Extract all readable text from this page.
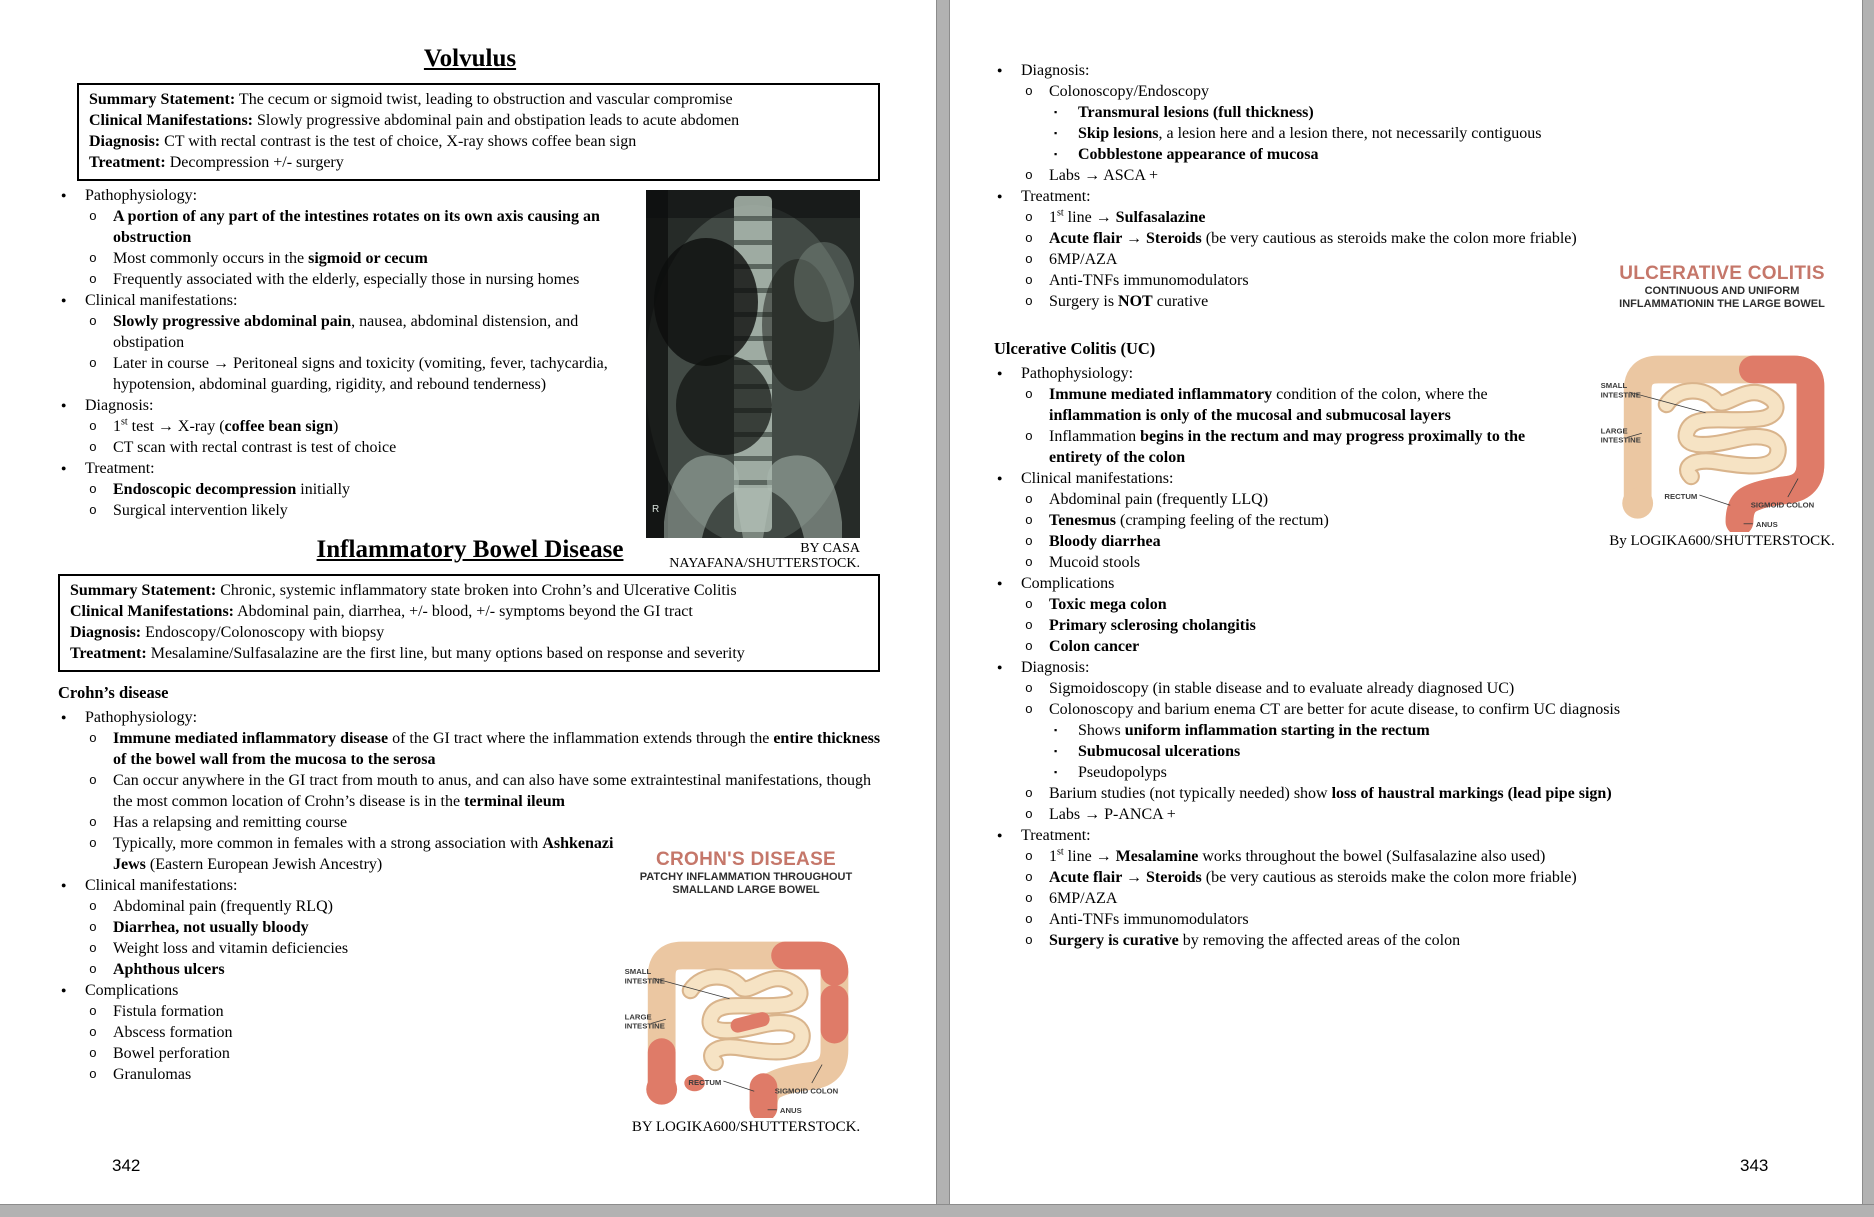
Volvulus
Summary Statement: The cecum or sigmoid twist, leading to obstruction and vascular compromise
Clinical Manifestations: Slowly progressive abdominal pain and obstipation leads to acute abdomen
Diagnosis: CT with rectal contrast is the test of choice, X-ray shows coffee bean sign
Treatment: Decompression +/- surgery
●	Pathophysiology:
o	A portion of any part of the intestines rotates on its own axis causing an obstruction
o	Most commonly occurs in the sigmoid or cecum
o	Frequently associated with the elderly, especially those in nursing homes
●	Clinical manifestations:
o	Slowly progressive abdominal pain, nausea, abdominal distension, and obstipation
o	Later in course → Peritoneal signs and toxicity (vomiting, fever, tachycardia, hypotension, abdominal guarding, rigidity, and rebound tenderness)
●	Diagnosis:
o	1st test → X-ray (coffee bean sign)
o	CT scan with rectal contrast is test of choice
●	Treatment:
o	Endoscopic decompression initially
o	Surgical intervention likely
Inflammatory Bowel Disease
Summary Statement: Chronic, systemic inflammatory state broken into Crohn’s and Ulcerative Colitis
Clinical Manifestations: Abdominal pain, diarrhea, +/- blood, +/- symptoms beyond the GI tract
Diagnosis: Endoscopy/Colonoscopy with biopsy
Treatment: Mesalamine/Sulfasalazine are the first line, but many options based on response and severity
Crohn’s disease
●	Pathophysiology:
o	Immune mediated inflammatory disease of the GI tract where the inflammation extends through the entire thickness of the bowel wall from the mucosa to the serosa
o	Can occur anywhere in the GI tract from mouth to anus, and can also have some extraintestinal manifestations, though the most common location of Crohn’s disease is in the terminal ileum
o	Has a relapsing and remitting course
o	Typically, more common in females with a strong association with Ashkenazi Jews (Eastern European Jewish Ancestry)
●	Clinical manifestations:
o	Abdominal pain (frequently RLQ)
o	Diarrhea, not usually bloody
o	Weight loss and vitamin deficiencies
o	Aphthous ulcers
●	Complications
o	Fistula formation
o	Abscess formation
o	Bowel perforation
o	Granulomas
R
BY CASA
NAYAFANA/SHUTTERSTOCK.
CROHN'S DISEASE
PATCHY INFLAMMATION THROUGHOUT
SMALLAND LARGE BOWEL
SMALL
INTESTINE
LARGE
INTESTINE
RECTUM
SIGMOID COLON
ANUS
BY LOGIKA600/SHUTTERSTOCK.
342
●	Diagnosis:
o	Colonoscopy/Endoscopy
▪	Transmural lesions (full thickness)
▪	Skip lesions, a lesion here and a lesion there, not necessarily contiguous
▪	Cobblestone appearance of mucosa
o	Labs → ASCA +
●	Treatment:
o	1st line → Sulfasalazine
o	Acute flair → Steroids (be very cautious as steroids make the colon more friable)
o	6MP/AZA
o	Anti-TNFs immunomodulators
o	Surgery is NOT curative
Ulcerative Colitis (UC)
●	Pathophysiology:
o	Immune mediated inflammatory condition of the colon, where the inflammation is only of the mucosal and submucosal layers
o	Inflammation begins in the rectum and may progress proximally to the entirety of the colon
●	Clinical manifestations:
o	Abdominal pain (frequently LLQ)
o	Tenesmus (cramping feeling of the rectum)
o	Bloody diarrhea
o	Mucoid stools
●	Complications
o	Toxic mega colon
o	Primary sclerosing cholangitis
o	Colon cancer
●	Diagnosis:
o	Sigmoidoscopy (in stable disease and to evaluate already diagnosed UC)
o	Colonoscopy and barium enema CT are better for acute disease, to confirm UC diagnosis
▪	Shows uniform inflammation starting in the rectum
▪	Submucosal ulcerations
▪	Pseudopolyps
o	Barium studies (not typically needed) show loss of haustral markings (lead pipe sign)
o	Labs → P-ANCA +
●	Treatment:
o	1st line → Mesalamine works throughout the bowel (Sulfasalazine also used)
o	Acute flair → Steroids (be very cautious as steroids make the colon more friable)
o	6MP/AZA
o	Anti-TNFs immunomodulators
o	Surgery is curative by removing the affected areas of the colon
ULCERATIVE COLITIS
CONTINUOUS AND UNIFORM
INFLAMMATIONIN THE LARGE BOWEL
SMALL
INTESTINE
LARGE
INTESTINE
RECTUM
SIGMOID COLON
ANUS
By LOGIKA600/SHUTTERSTOCK.
343
